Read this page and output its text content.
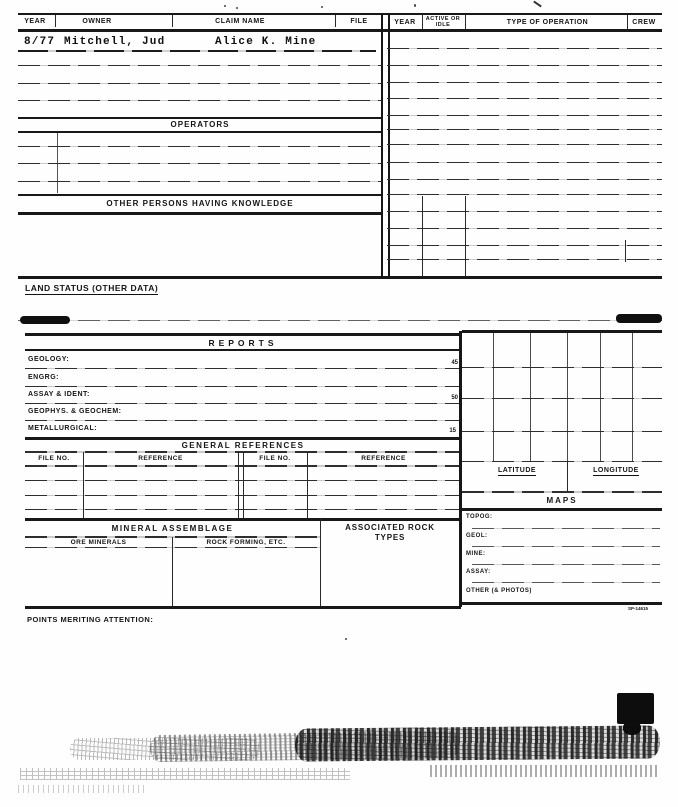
YEAR	OWNER	CLAIM NAME	FILE	YEAR	ACTIVE OR IDLE	TYPE OF OPERATION	CREW
8/77 Mitchell, Jud	Alice K. Mine
OPERATORS
OTHER PERSONS HAVING KNOWLEDGE
LAND STATUS (OTHER DATA)
REPORTS
GEOLOGY:	45
ENGRG:
ASSAY & IDENT:	50
GEOPHYS. & GEOCHEM:
METALLURGICAL:	15
GENERAL REFERENCES
FILE NO.	REFERENCE	FILE NO.	REFERENCE
MINERAL ASSEMBLAGE
ORE MINERALS	ROCK FORMING, ETC.
ASSOCIATED ROCK TYPES
POINTS MERITING ATTENTION:
LATITUDE	LONGITUDE
MAPS
TOPOG:
GEOL:
MINE:
ASSAY:
OTHER (& PHOTOS)
SP-14615
